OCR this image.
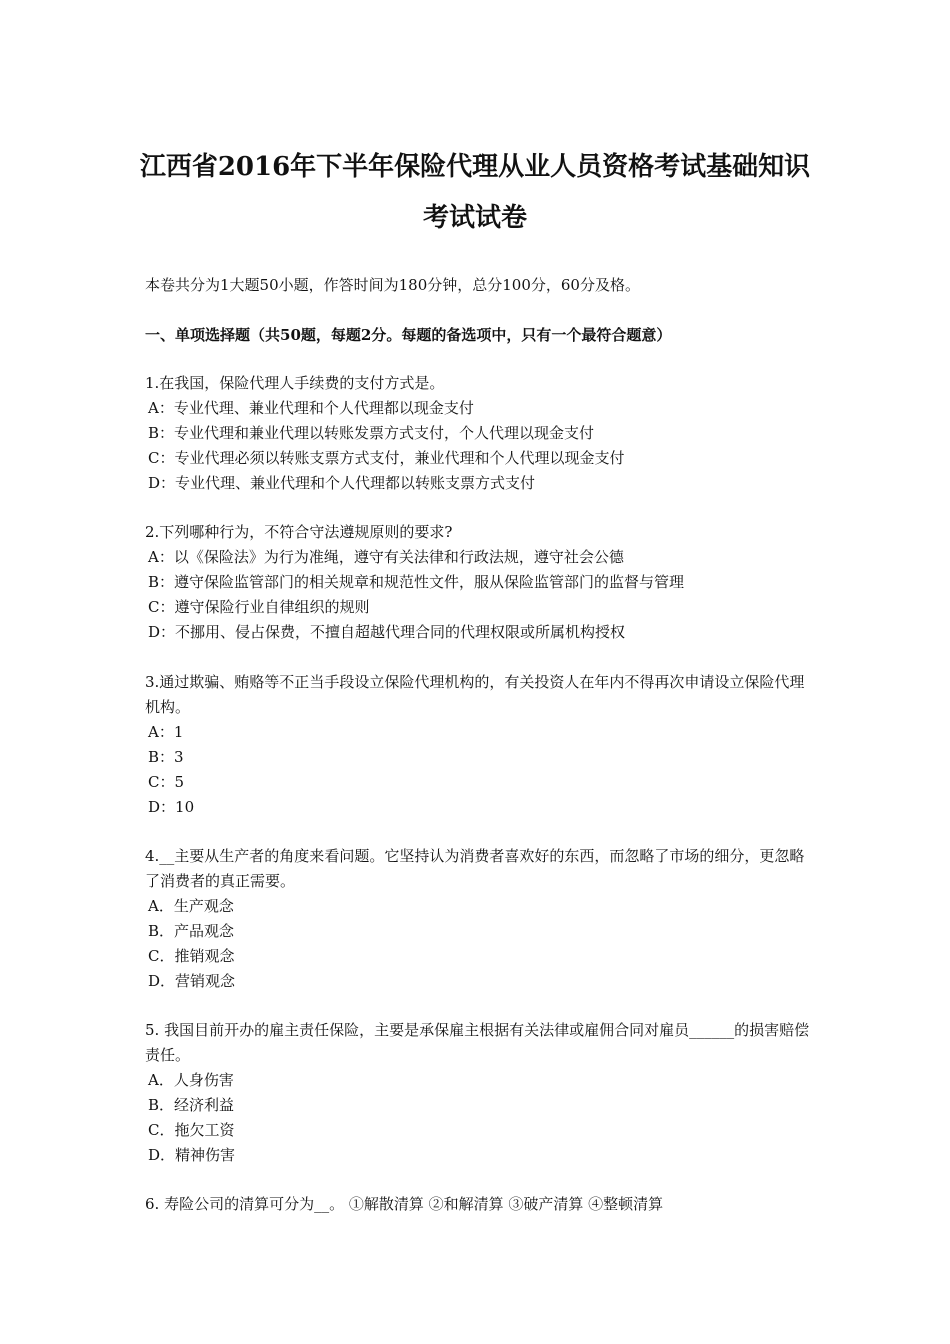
江西省2016年下半年保险代理从业人员资格考试基础知识
考试试卷
本卷共分为1大题50小题，作答时间为180分钟，总分100分，60分及格。
一、单项选择题（共50题，每题2分。每题的备选项中，只有一个最符合题意）

1.在我国，保险代理人手续费的支付方式是。

A：专业代理、兼业代理和个人代理都以现金支付
B：专业代理和兼业代理以转账发票方式支付，个人代理以现金支付
C：专业代理必须以转账支票方式支付，兼业代理和个人代理以现金支付
D：专业代理、兼业代理和个人代理都以转账支票方式支付

2.下列哪种行为，不符合守法遵规原则的要求?

A：以《保险法》为行为准绳，遵守有关法律和行政法规，遵守社会公德
B：遵守保险监管部门的相关规章和规范性文件，服从保险监管部门的监督与管理
C：遵守保险行业自律组织的规则
D：不挪用、侵占保费，不擅自超越代理合同的代理权限或所属机构授权

3.通过欺骗、贿赂等不正当手段设立保险代理机构的，有关投资人在年内不得再次申请设立保险代理机构。

A：1
B：3
C：5
D：10

4.__主要从生产者的角度来看问题。它坚持认为消费者喜欢好的东西，而忽略了市场的细分，更忽略了消费者的真正需要。

A．生产观念
B．产品观念
C．推销观念
D．营销观念

5. 我国目前开办的雇主责任保险，主要是承保雇主根据有关法律或雇佣合同对雇员______的损害赔偿责任。

A．人身伤害
B．经济利益
C．拖欠工资
D．精神伤害

6. 寿险公司的清算可分为__。 ①解散清算 ②和解清算 ③破产清算 ④整顿清算
